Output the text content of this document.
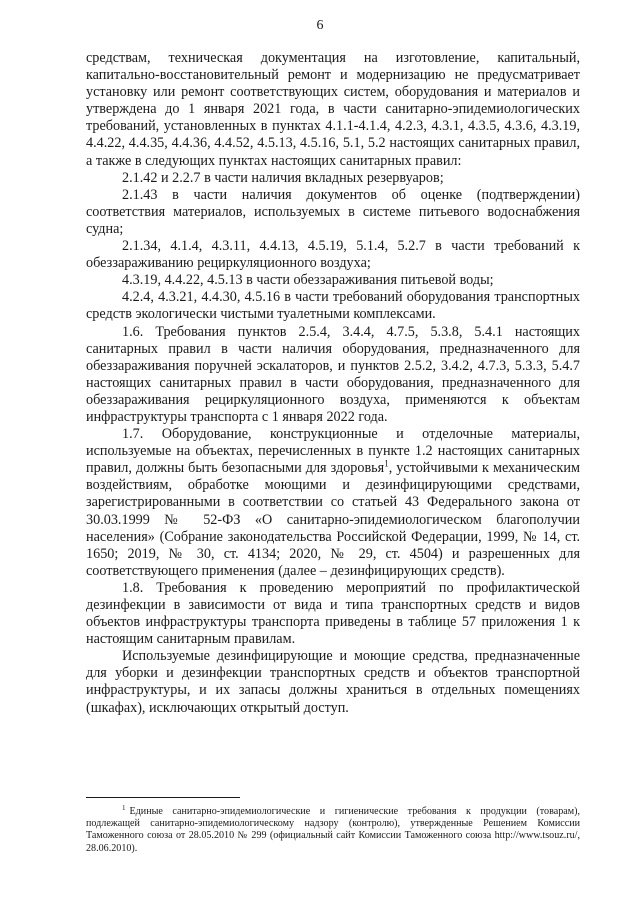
6

средствам, техническая документация на изготовление, капитальный, капитально-восстановительный ремонт и модернизацию не предусматривает установку или ремонт соответствующих систем, оборудования и материалов и утверждена до 1 января 2021 года, в части санитарно-эпидемиологических требований, установленных в пунктах 4.1.1-4.1.4, 4.2.3, 4.3.1, 4.3.5, 4.3.6, 4.3.19, 4.4.22, 4.4.35, 4.4.36, 4.4.52, 4.5.13, 4.5.16, 5.1, 5.2 настоящих санитарных правил, а также в следующих пунктах настоящих санитарных правил:

2.1.42 и 2.2.7 в части наличия вкладных резервуаров;

2.1.43 в части наличия документов об оценке (подтверждении) соответствия материалов, используемых в системе питьевого водоснабжения судна;

2.1.34, 4.1.4, 4.3.11, 4.4.13, 4.5.19, 5.1.4, 5.2.7 в части требований к обеззараживанию рециркуляционного воздуха;

4.3.19, 4.4.22, 4.5.13 в части обеззараживания питьевой воды;

4.2.4, 4.3.21, 4.4.30, 4.5.16 в части требований оборудования транспортных средств экологически чистыми туалетными комплексами.

1.6. Требования пунктов 2.5.4, 3.4.4, 4.7.5, 5.3.8, 5.4.1 настоящих санитарных правил в части наличия оборудования, предназначенного для обеззараживания поручней эскалаторов, и пунктов 2.5.2, 3.4.2, 4.7.3, 5.3.3, 5.4.7 настоящих санитарных правил в части оборудования, предназначенного для обеззараживания рециркуляционного воздуха, применяются к объектам инфраструктуры транспорта с 1 января 2022 года.

1.7. Оборудование, конструкционные и отделочные материалы, используемые на объектах, перечисленных в пункте 1.2 настоящих санитарных правил, должны быть безопасными для здоровья$^1$, устойчивыми к механическим воздействиям, обработке моющими и дезинфицирующими средствами, зарегистрированными в соответствии со статьей 43 Федерального закона от 30.03.1999 № 52-ФЗ «О санитарно-эпидемиологическом благополучии населения» (Собрание законодательства Российской Федерации, 1999, № 14, ст. 1650; 2019, № 30, ст. 4134; 2020, № 29, ст. 4504) и разрешенных для соответствующего применения (далее – дезинфицирующих средств).

1.8. Требования к проведению мероприятий по профилактической дезинфекции в зависимости от вида и типа транспортных средств и видов объектов инфраструктуры транспорта приведены в таблице 57 приложения 1 к настоящим санитарным правилам.

Используемые дезинфицирующие и моющие средства, предназначенные для уборки и дезинфекции транспортных средств и объектов транспортной инфраструктуры, и их запасы должны храниться в отдельных помещениях (шкафах), исключающих открытый доступ.

$^1$ Единые санитарно-эпидемиологические и гигиенические требования к продукции (товарам), подлежащей санитарно-эпидемиологическому надзору (контролю), утвержденные Решением Комиссии Таможенного союза от 28.05.2010 № 299 (официальный сайт Комиссии Таможенного союза http://www.tsouz.ru/, 28.06.2010).
